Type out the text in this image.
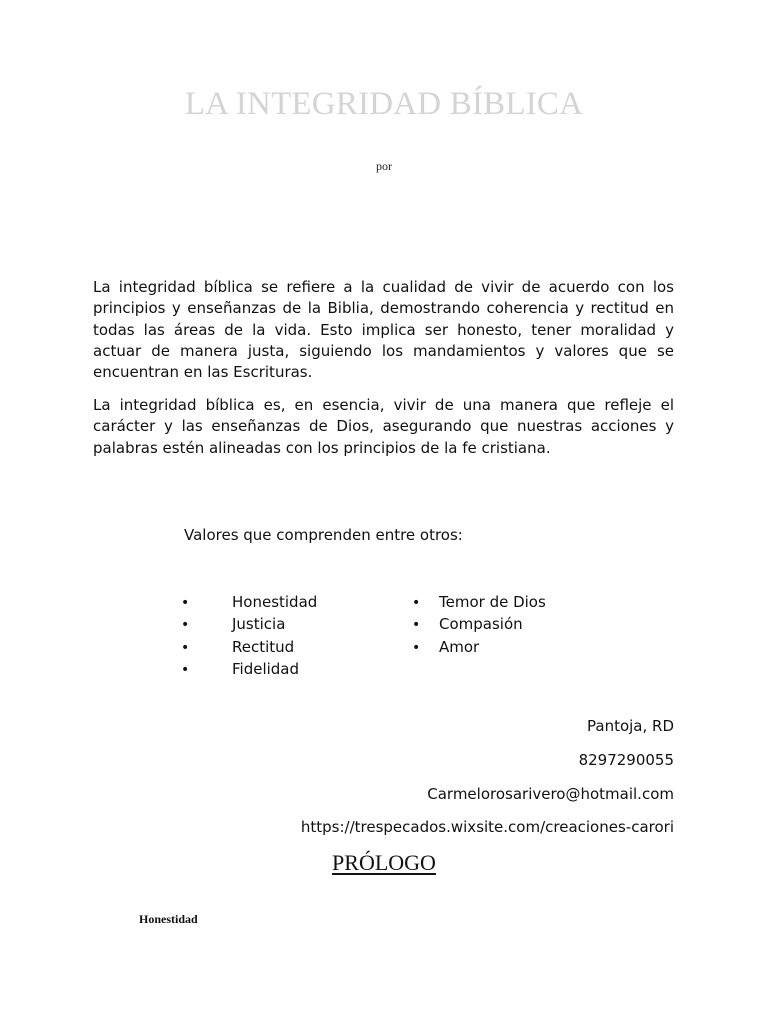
LA INTEGRIDAD BÍBLICA
por

La integridad bíblica se refiere a la cualidad de vivir de acuerdo con los principios y enseñanzas de la Biblia, demostrando coherencia y rectitud en todas las áreas de la vida. Esto implica ser honesto, tener moralidad y actuar de manera justa, siguiendo los mandamientos y valores que se encuentran en las Escrituras.

La integridad bíblica es, en esencia, vivir de una manera que refleje el carácter y las enseñanzas de Dios, asegurando que nuestras acciones y palabras estén alineadas con los principios de la fe cristiana.

Valores que comprenden entre otros:
•	Honestidad
•	Justicia
•	Rectitud
•	Fidelidad
• Temor de Dios
• Compasión
• Amor
Pantoja, RD
8297290055
Carmelorosarivero@hotmail.com
https://trespecados.wixsite.com/creaciones-carori
PRÓLOGO
Honestidad
